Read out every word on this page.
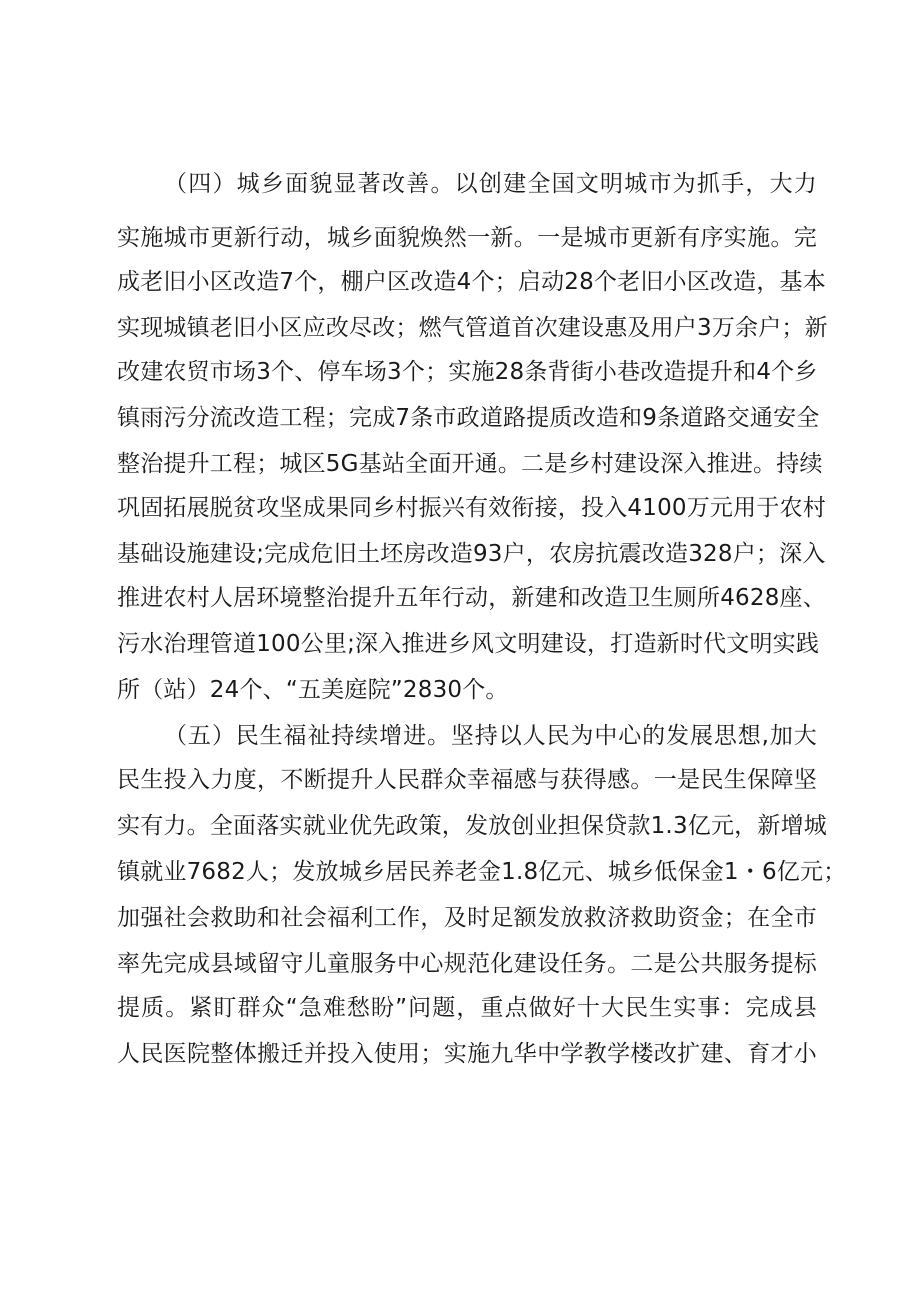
（四）城乡面貌显著改善。以创建全国文明城市为抓手，大力
实施城市更新行动，城乡面貌焕然一新。一是城市更新有序实施。完
成老旧小区改造7个，棚户区改造4个；启动28个老旧小区改造，基本
实现城镇老旧小区应改尽改；燃气管道首次建设惠及用户3万余户；新
改建农贸市场3个、停车场3个；实施28条背街小巷改造提升和4个乡
镇雨污分流改造工程；完成7条市政道路提质改造和9条道路交通安全
整治提升工程；城区5G基站全面开通。二是乡村建设深入推进。持续
巩固拓展脱贫攻坚成果同乡村振兴有效衔接，投入4100万元用于农村
基础设施建设;完成危旧土坯房改造93户，农房抗震改造328户；深入
推进农村人居环境整治提升五年行动，新建和改造卫生厕所4628座、
污水治理管道100公里;深入推进乡风文明建设，打造新时代文明实践
所（站）24个、“五美庭院”2830个。
（五）民生福祉持续增进。坚持以人民为中心的发展思想,加大
民生投入力度，不断提升人民群众幸福感与获得感。一是民生保障坚
实有力。全面落实就业优先政策，发放创业担保贷款1.3亿元，新增城
镇就业7682人；发放城乡居民养老金1.8亿元、城乡低保金1・6亿元；
加强社会救助和社会福利工作，及时足额发放救济救助资金；在全市
率先完成县域留守儿童服务中心规范化建设任务。二是公共服务提标
提质。紧盯群众“急难愁盼”问题，重点做好十大民生实事：完成县
人民医院整体搬迁并投入使用；实施九华中学教学楼改扩建、育才小
